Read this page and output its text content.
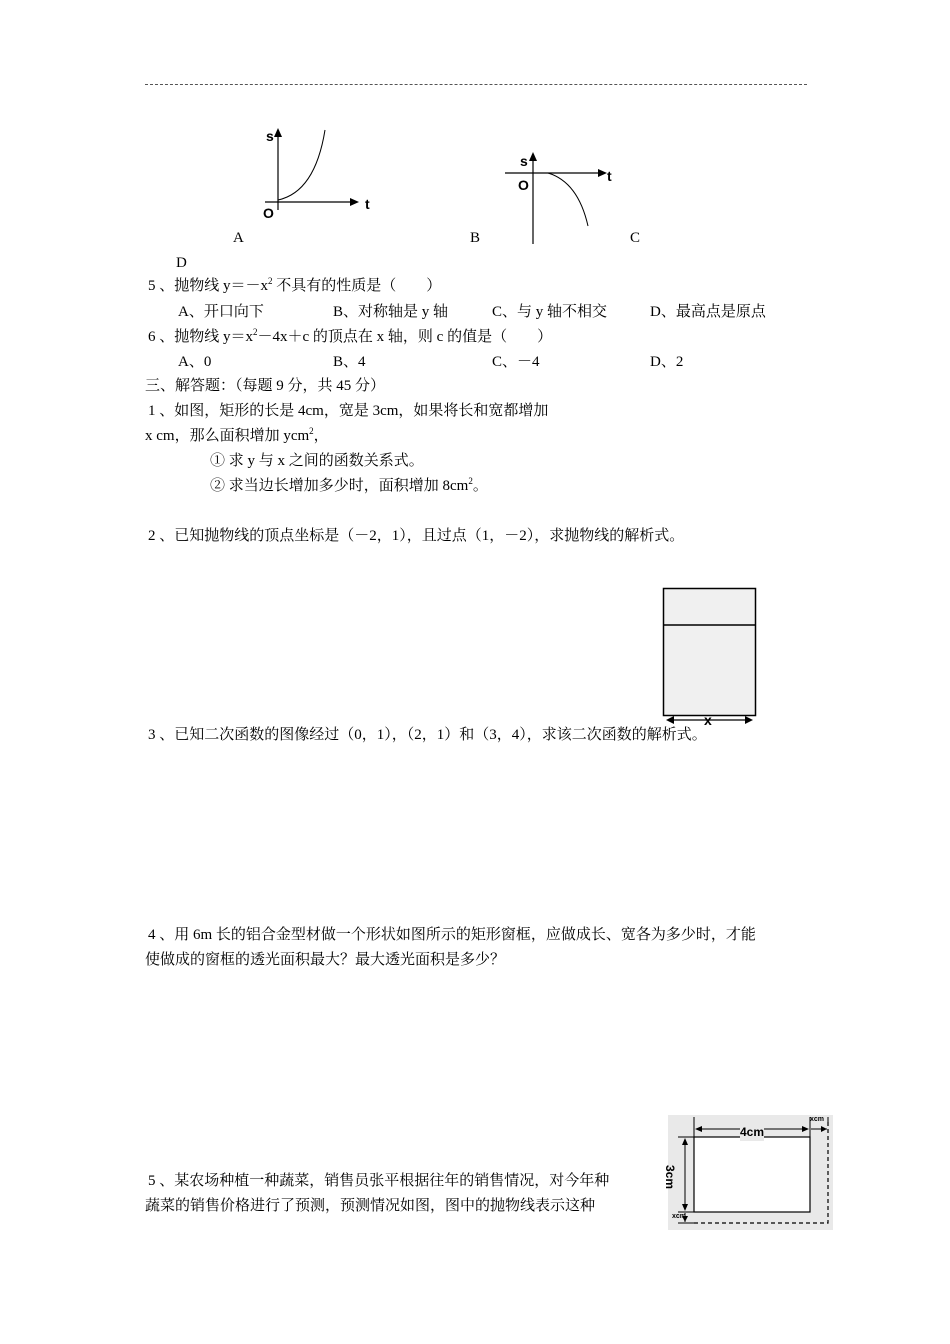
s
t
O
s
t
O
A	B	C
D
5 、抛物线 $y=-x^2$ 不具有的性质是（　　）
A、开口向下	B、对称轴是 y 轴	C、与 y 轴不相交	D、最高点是原点
6 、抛物线 $y=x^2-4x+c$ 的顶点在 x 轴，则 c 的值是（　　）
A、0	B、4	C、－4	D、2
三、解答题：（每题 9 分，共 45 分）
1 、如图，矩形的长是 4cm，宽是 3cm，如果将长和宽都增加
x cm，那么面积增加 ycm$^2$，
① 求 y 与 x 之间的函数关系式。
② 求当边长增加多少时，面积增加 $8cm^2$。
2 、已知抛物线的顶点坐标是（－2，1），且过点（1，－2），求抛物线的解析式。
x
3 、已知二次函数的图像经过（0，1），（2，1）和（3，4），求该二次函数的解析式。
4 、用 6m 长的铝合金型材做一个形状如图所示的矩形窗框，应做成长、宽各为多少时，才能
使做成的窗框的透光面积最大？最大透光面积是多少？
4cm
3cm
xcm
xcm
5 、某农场种植一种蔬菜，销售员张平根据往年的销售情况，对今年种
蔬菜的销售价格进行了预测，预测情况如图，图中的抛物线表示这种
